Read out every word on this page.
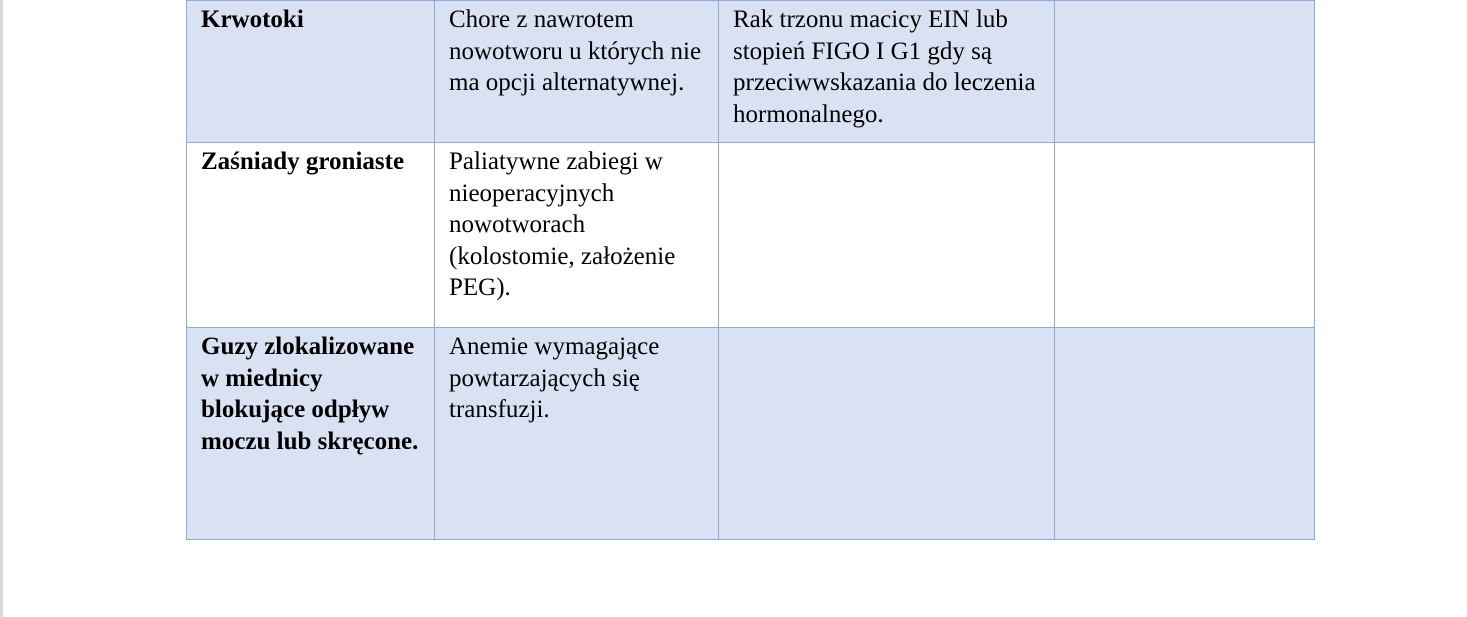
Krwotoki	Chore z nawrotem nowotworu u których nie ma opcji alternatywnej.	Rak trzonu macicy EIN lub stopień FIGO I G1 gdy są przeciwwskazania do leczenia hormonalnego.	

Zaśniady groniaste	Paliatywne zabiegi w nieoperacyjnych nowotworach (kolostomie, założenie PEG).		

Guzy zlokalizowane w miednicy blokujące odpływ moczu lub skręcone.	Anemie wymagające powtarzających się transfuzji.		
